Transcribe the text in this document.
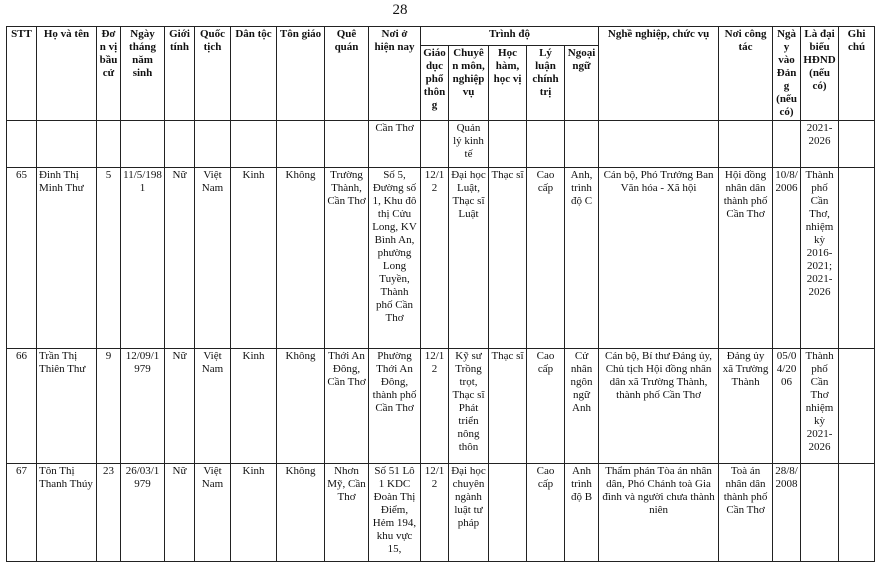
28
STT	Họ và tên	Đơn vị bầu cử	Ngày tháng năm sinh	Giới tính	Quốc tịch	Dân tộc	Tôn giáo	Quê quán	Nơi ở hiện nay	Trình độ					Nghề nghiệp, chức vụ	Nơi công tác	Ngày vào Đảng (nếu có)	Là đại biểu HĐND (nếu có)	Ghi chú
										Giáo dục phổ thông	Chuyên môn, nghiệp vụ	Học hàm, học vị	Lý luận chính trị	Ngoại ngữ					
									Cần Thơ		Quản lý kinh tế							2021-2026	
65	Đinh Thị Minh Thư	5	11/5/1981	Nữ	Việt Nam	Kinh	Không	Trường Thành, Cần Thơ	Số 5, Đường số 1, Khu đô thị Cửu Long, KV Bình An, phường Long Tuyền, Thành phố Cần Thơ	12/12	Đại học Luật, Thạc sĩ Luật	Thạc sĩ	Cao cấp	Anh, trình độ C	Cán bộ, Phó Trưởng Ban Văn hóa - Xã hội	Hội đồng nhân dân thành phố Cần Thơ	10/8/2006	Thành phố Cần Thơ, nhiệm kỳ 2016-2021; 2021-2026	
66	Trần Thị Thiên Thư	9	12/09/1979	Nữ	Việt Nam	Kinh	Không	Thới An Đông, Cần Thơ	Phường Thới An Đông, thành phố Cần Thơ	12/12	Kỹ sư Trồng trọt, Thạc sĩ Phát triển nông thôn	Thạc sĩ	Cao cấp	Cử nhân ngôn ngữ Anh	Cán bộ, Bí thư Đảng ủy, Chủ tịch Hội đồng nhân dân xã Trường Thành, thành phố Cần Thơ	Đảng ủy xã Trường Thành	05/04/2006	Thành phố Cần Thơ nhiệm kỳ 2021-2026	
67	Tôn Thị Thanh Thúy	23	26/03/1979	Nữ	Việt Nam	Kinh	Không	Nhơn Mỹ, Cần Thơ	Số 51 Lô 1 KDC Đoàn Thị Điểm, Hẻm 194, khu vực 15,	12/12	Đại học chuyên ngành luật tư pháp		Cao cấp	Anh trình độ B	Thẩm phán Tòa án nhân dân, Phó Chánh toà Gia đình và người chưa thành niên	Toà án nhân dân thành phố Cần Thơ	28/8/2008		
